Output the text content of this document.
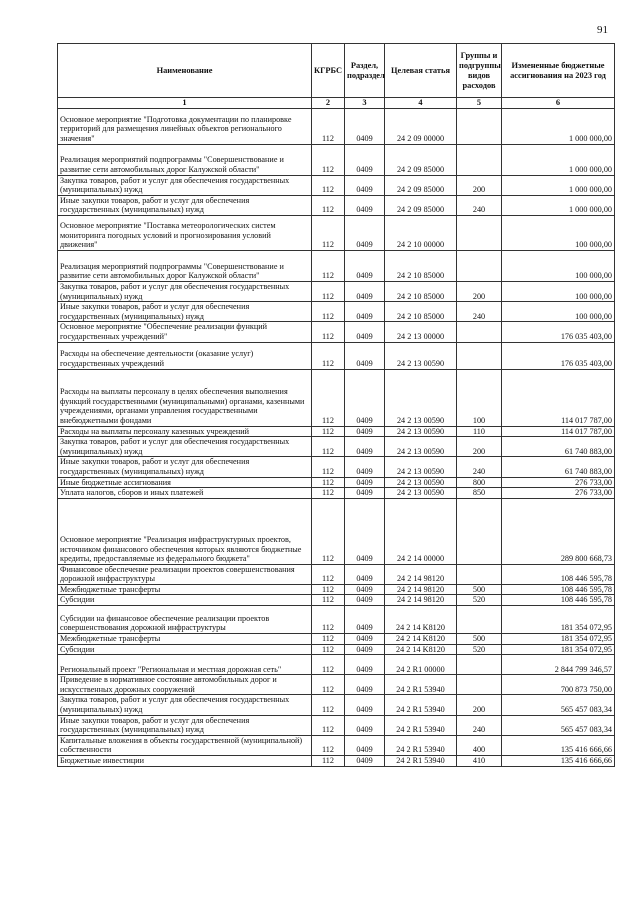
91
Наименование	КГРБС	Раздел, подраздел	Целевая статья	Группы и подгруппы видов расходов	Измененные бюджетные ассигнования на 2023 год
1	2	3	4	5	6
Основное мероприятие "Подготовка документации по планировке территорий для размещения линейных объектов регионального значения"	112	0409	24 2 09 00000		1 000 000,00
Реализация мероприятий подпрограммы "Совершенствование и развитие сети автомобильных дорог Калужской области"	112	0409	24 2 09 85000		1 000 000,00
Закупка товаров, работ и услуг для обеспечения государственных (муниципальных) нужд	112	0409	24 2 09 85000	200	1 000 000,00
Иные закупки товаров, работ и услуг для обеспечения государственных (муниципальных) нужд	112	0409	24 2 09 85000	240	1 000 000,00
Основное мероприятие "Поставка метеорологических систем мониторинга погодных условий и прогнозирования условий движения"	112	0409	24 2 10 00000		100 000,00
Реализация мероприятий подпрограммы "Совершенствование и развитие сети автомобильных дорог Калужской области"	112	0409	24 2 10 85000		100 000,00
Закупка товаров, работ и услуг для обеспечения государственных (муниципальных) нужд	112	0409	24 2 10 85000	200	100 000,00
Иные закупки товаров, работ и услуг для обеспечения государственных (муниципальных) нужд	112	0409	24 2 10 85000	240	100 000,00
Основное мероприятие "Обеспечение реализации функций государственных учреждений"	112	0409	24 2 13 00000		176 035 403,00
Расходы на обеспечение деятельности (оказание услуг) государственных учреждений	112	0409	24 2 13 00590		176 035 403,00
Расходы на выплаты персоналу в целях обеспечения выполнения функций государственными (муниципальными) органами, казенными учреждениями, органами управления государственными внебюджетными фондами	112	0409	24 2 13 00590	100	114 017 787,00
Расходы на выплаты персоналу казенных учреждений	112	0409	24 2 13 00590	110	114 017 787,00
Закупка товаров, работ и услуг для обеспечения государственных (муниципальных) нужд	112	0409	24 2 13 00590	200	61 740 883,00
Иные закупки товаров, работ и услуг для обеспечения государственных (муниципальных) нужд	112	0409	24 2 13 00590	240	61 740 883,00
Иные бюджетные ассигнования	112	0409	24 2 13 00590	800	276 733,00
Уплата налогов, сборов и иных платежей	112	0409	24 2 13 00590	850	276 733,00
Основное мероприятие "Реализация инфраструктурных проектов, источником финансового обеспечения которых являются бюджетные кредиты, предоставляемые из федерального бюджета"	112	0409	24 2 14 00000		289 800 668,73
Финансовое обеспечение реализации проектов совершенствования дорожной инфраструктуры	112	0409	24 2 14 98120		108 446 595,78
Межбюджетные трансферты	112	0409	24 2 14 98120	500	108 446 595,78
Субсидии	112	0409	24 2 14 98120	520	108 446 595,78
Субсидии на финансовое обеспечение реализации проектов совершенствования дорожной инфраструктуры	112	0409	24 2 14 K8120		181 354 072,95
Межбюджетные трансферты	112	0409	24 2 14 K8120	500	181 354 072,95
Субсидии	112	0409	24 2 14 K8120	520	181 354 072,95
Региональный проект "Региональная и местная дорожная сеть"	112	0409	24 2 R1 00000		2 844 799 346,57
Приведение в нормативное состояние автомобильных дорог и искусственных дорожных сооружений	112	0409	24 2 R1 53940		700 873 750,00
Закупка товаров, работ и услуг для обеспечения государственных (муниципальных) нужд	112	0409	24 2 R1 53940	200	565 457 083,34
Иные закупки товаров, работ и услуг для обеспечения государственных (муниципальных) нужд	112	0409	24 2 R1 53940	240	565 457 083,34
Капитальные вложения в объекты государственной (муниципальной) собственности	112	0409	24 2 R1 53940	400	135 416 666,66
Бюджетные инвестиции	112	0409	24 2 R1 53940	410	135 416 666,66
